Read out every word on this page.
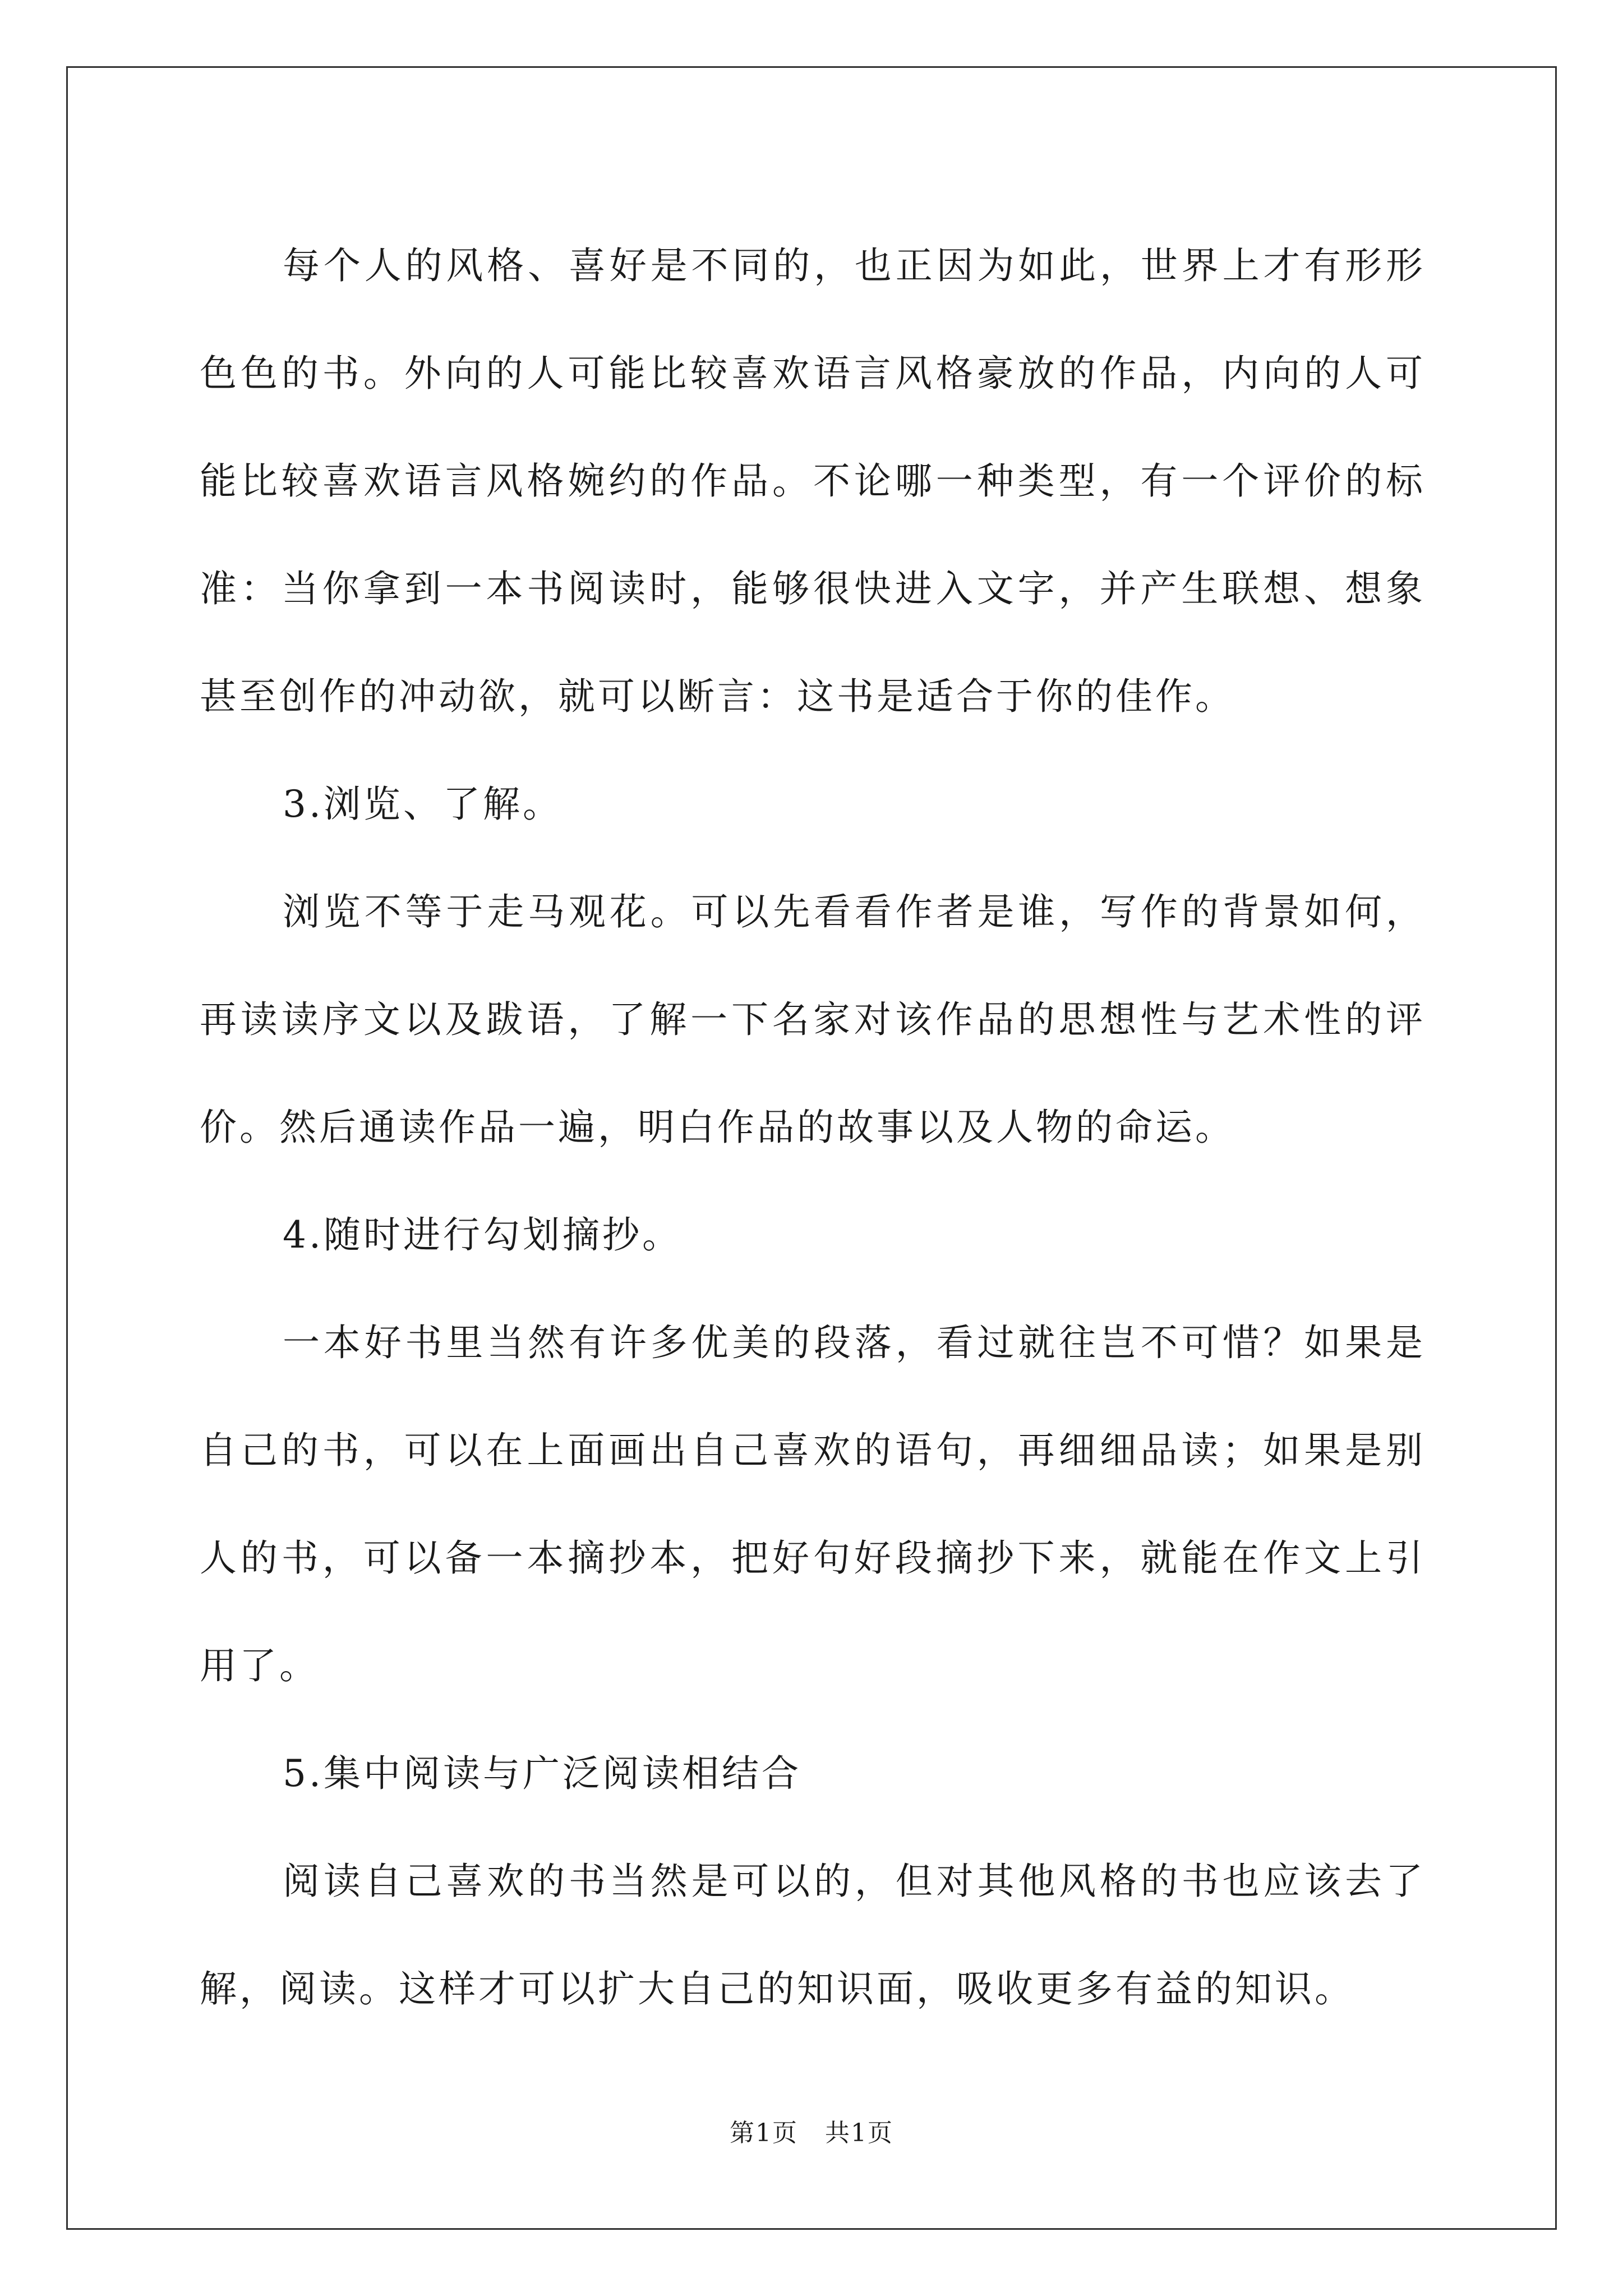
每个人的风格、喜好是不同的，也正因为如此，世界上才有形形色色的书。外向的人可能比较喜欢语言风格豪放的作品，内向的人可能比较喜欢语言风格婉约的作品。不论哪一种类型，有一个评价的标准：当你拿到一本书阅读时，能够很快进入文字，并产生联想、想象甚至创作的冲动欲，就可以断言：这书是适合于你的佳作。

3.浏览、了解。

浏览不等于走马观花。可以先看看作者是谁，写作的背景如何，再读读序文以及跋语，了解一下名家对该作品的思想性与艺术性的评价。然后通读作品一遍，明白作品的故事以及人物的命运。

4.随时进行勾划摘抄。

一本好书里当然有许多优美的段落，看过就往岂不可惜？如果是自己的书，可以在上面画出自己喜欢的语句，再细细品读；如果是别人的书，可以备一本摘抄本，把好句好段摘抄下来，就能在作文上引用了。

5.集中阅读与广泛阅读相结合

阅读自己喜欢的书当然是可以的，但对其他风格的书也应该去了解，阅读。这样才可以扩大自己的知识面，吸收更多有益的知识。

第1页   共1页
